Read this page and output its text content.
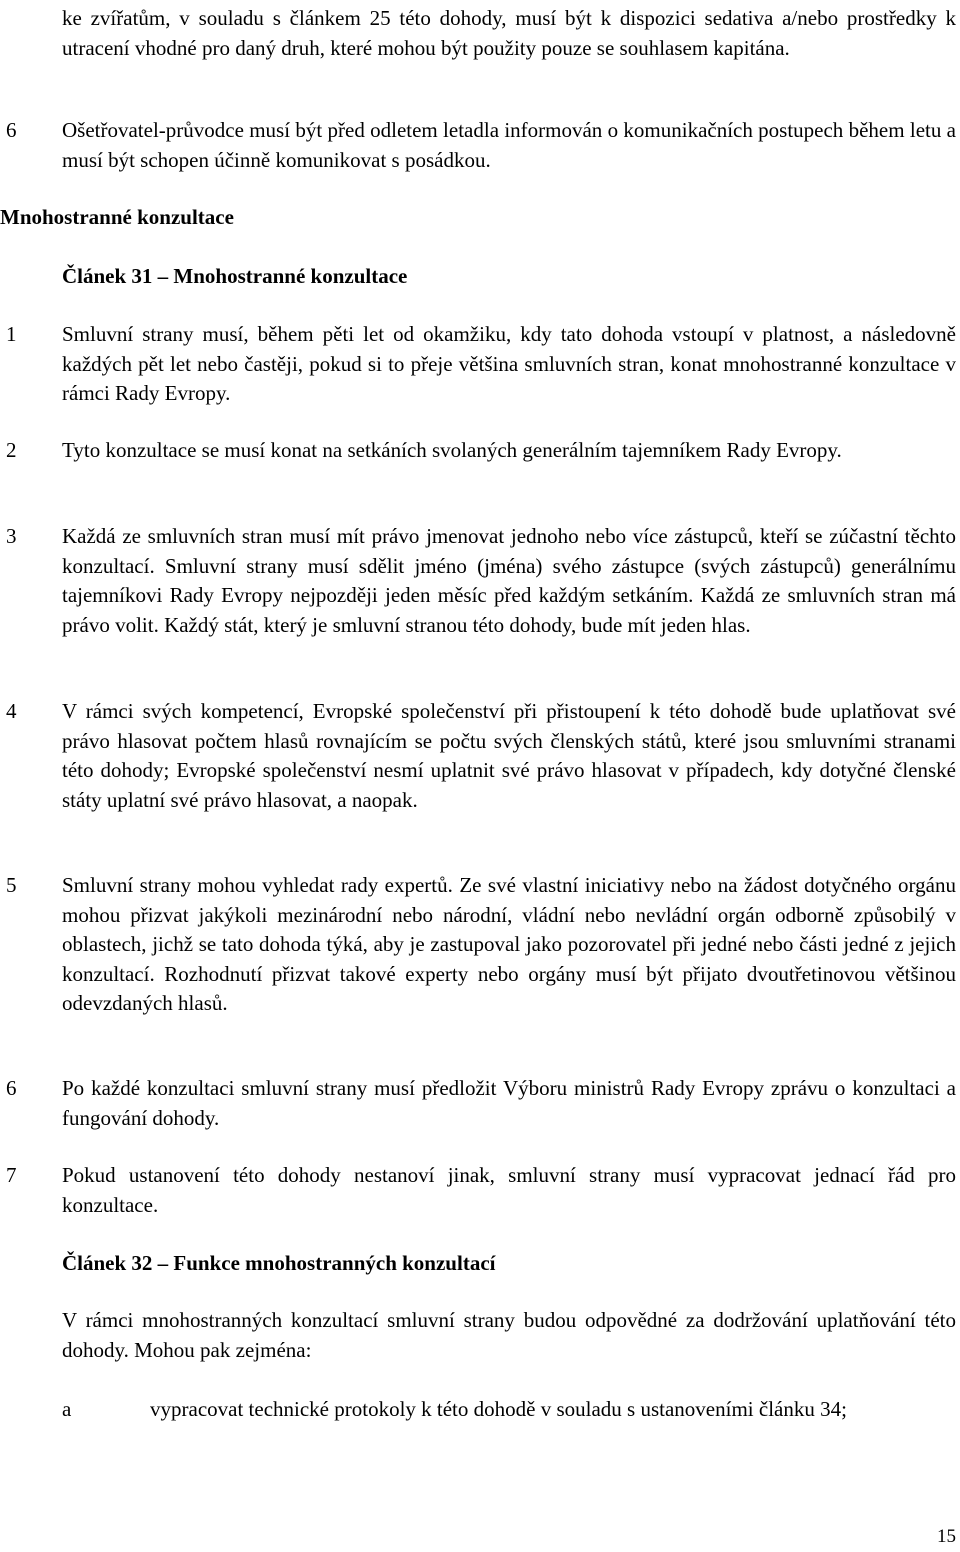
ke zvířatům, v souladu s článkem 25 této dohody, musí být k dispozici sedativa a/nebo prostředky k utracení vhodné pro daný druh, které mohou být použity pouze se souhlasem kapitána.
6 Ošetřovatel-průvodce musí být před odletem letadla informován o komunikačních postupech během letu a musí být schopen účinně komunikovat s posádkou.
Mnohostranné konzultace
Článek 31 – Mnohostranné konzultace
1 Smluvní strany musí, během pěti let od okamžiku, kdy tato dohoda vstoupí v platnost, a následovně každých pět let nebo častěji, pokud si to přeje většina smluvních stran, konat mnohostranné konzultace v rámci Rady Evropy.
2 Tyto konzultace se musí konat na setkáních svolaných generálním tajemníkem Rady Evropy.
3 Každá ze smluvních stran musí mít právo jmenovat jednoho nebo více zástupců, kteří se zúčastní těchto konzultací. Smluvní strany musí sdělit jméno (jména) svého zástupce (svých zástupců) generálnímu tajemníkovi Rady Evropy nejpozději jeden měsíc před každým setkáním. Každá ze smluvních stran má právo volit. Každý stát, který je smluvní stranou této dohody, bude mít jeden hlas.
4 V rámci svých kompetencí, Evropské společenství při přistoupení k této dohodě bude uplatňovat své právo hlasovat počtem hlasů rovnajícím se počtu svých členských států, které jsou smluvními stranami této dohody; Evropské společenství nesmí uplatnit své právo hlasovat v případech, kdy dotyčné členské státy uplatní své právo hlasovat, a naopak.
5 Smluvní strany mohou vyhledat rady expertů. Ze své vlastní iniciativy nebo na žádost dotyčného orgánu mohou přizvat jakýkoli mezinárodní nebo národní, vládní nebo nevládní orgán odborně způsobilý v oblastech, jichž se tato dohoda týká, aby je zastupoval jako pozorovatel při jedné nebo části jedné z jejich konzultací. Rozhodnutí přizvat takové experty nebo orgány musí být přijato dvoutřetinovou většinou odevzdaných hlasů.
6 Po každé konzultaci smluvní strany musí předložit Výboru ministrů Rady Evropy zprávu o konzultaci a fungování dohody.
7 Pokud ustanovení této dohody nestanoví jinak, smluvní strany musí vypracovat jednací řád pro konzultace.
Článek 32 – Funkce mnohostranných konzultací
V rámci mnohostranných konzultací smluvní strany budou odpovědné za dodržování uplatňování této dohody. Mohou pak zejména:
a	vypracovat technické protokoly k této dohodě v souladu s ustanoveními článku 34;
15
